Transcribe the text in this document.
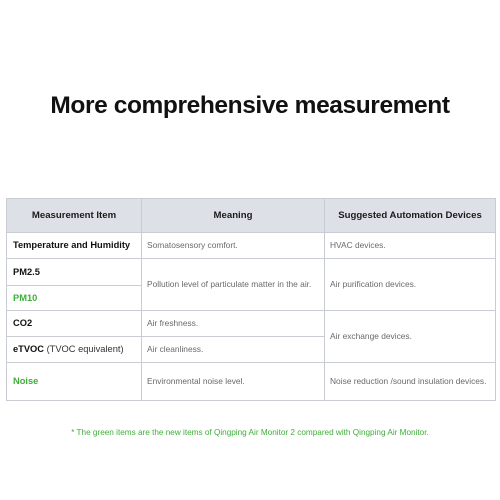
More comprehensive measurement
Measurement Item	Meaning	Suggested Automation Devices
Temperature and Humidity	Somatosensory comfort.	HVAC devices.
PM2.5	Pollution level of particulate matter in the air.	Air purification devices.
PM10		
CO2	Air freshness.	Air exchange devices.
eTVOC (TVOC equivalent)	Air cleanliness.	
Noise	Environmental noise level.	Noise reduction /sound insulation devices.

* The green items are the new items of Qingping Air Monitor 2 compared with Qingping Air Monitor.
